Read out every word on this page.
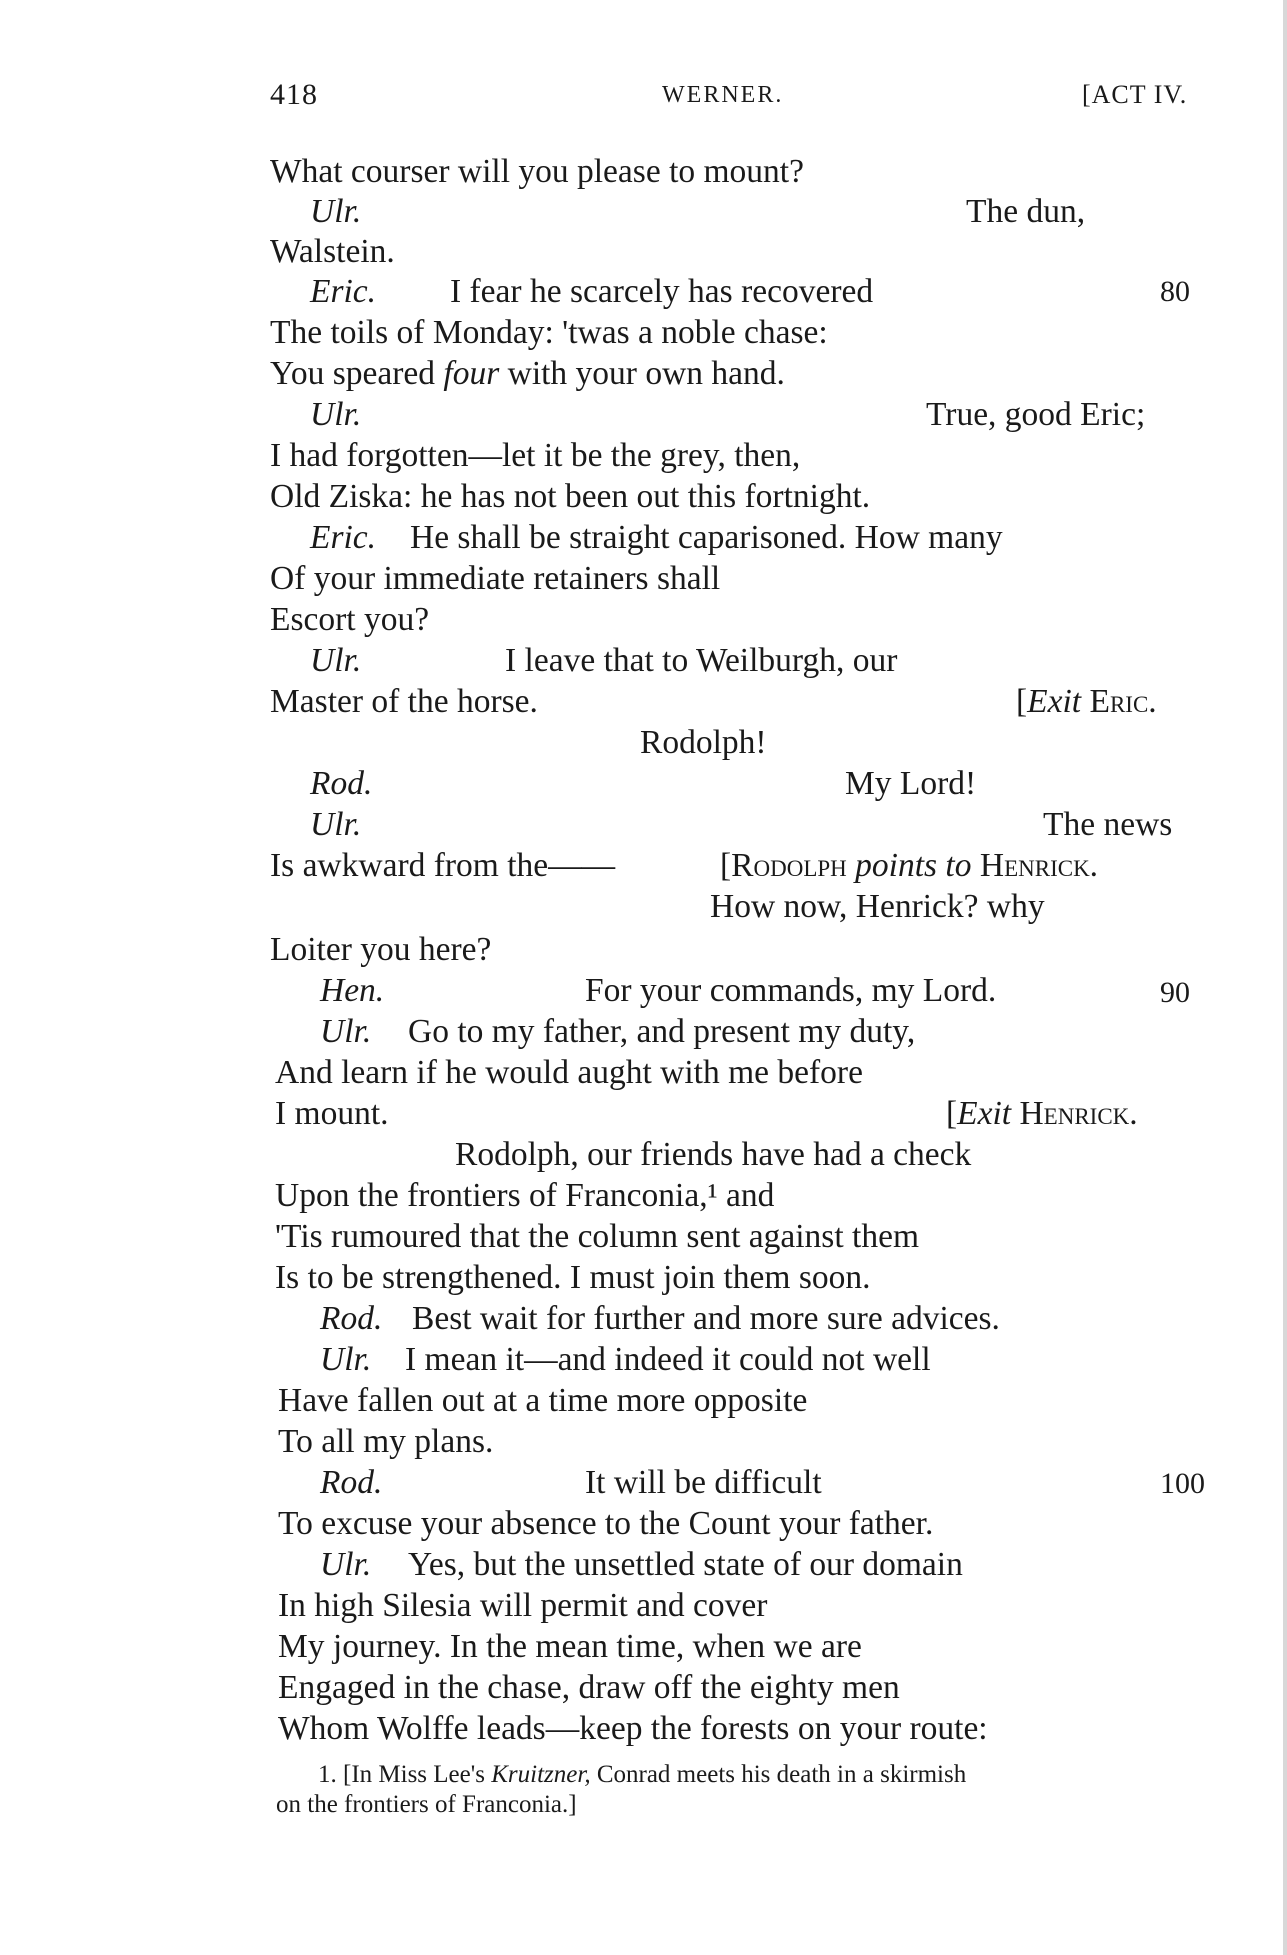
418	WERNER.	[ACT IV.
What courser will you please to mount?
Ulr.	The dun,
Walstein.
Eric. I fear he scarcely has recovered	80
The toils of Monday: 'twas a noble chase:
You speared four with your own hand.
Ulr.	True, good Eric;
I had forgotten—let it be the grey, then,
Old Ziska: he has not been out this fortnight.
Eric. He shall be straight caparisoned. How many
Of your immediate retainers shall
Escort you?
Ulr.	I leave that to Weilburgh, our
Master of the horse.	[Exit Eric.
Rodolph!
Rod.	My Lord!
Ulr.	The news
Is awkward from the——	[Rodolph points to Henrick.
How now, Henrick? why
Loiter you here?
Hen.	For your commands, my Lord.	90
Ulr. Go to my father, and present my duty,
And learn if he would aught with me before
I mount.	[Exit Henrick.
Rodolph, our friends have had a check
Upon the frontiers of Franconia,¹ and
'Tis rumoured that the column sent against them
Is to be strengthened. I must join them soon.
Rod. Best wait for further and more sure advices.
Ulr. I mean it—and indeed it could not well
Have fallen out at a time more opposite
To all my plans.
Rod.	It will be difficult	100
To excuse your absence to the Count your father.
Ulr. Yes, but the unsettled state of our domain
In high Silesia will permit and cover
My journey. In the mean time, when we are
Engaged in the chase, draw off the eighty men
Whom Wolffe leads—keep the forests on your route:
1. [In Miss Lee's Kruitzner, Conrad meets his death in a skirmish
on the frontiers of Franconia.]
